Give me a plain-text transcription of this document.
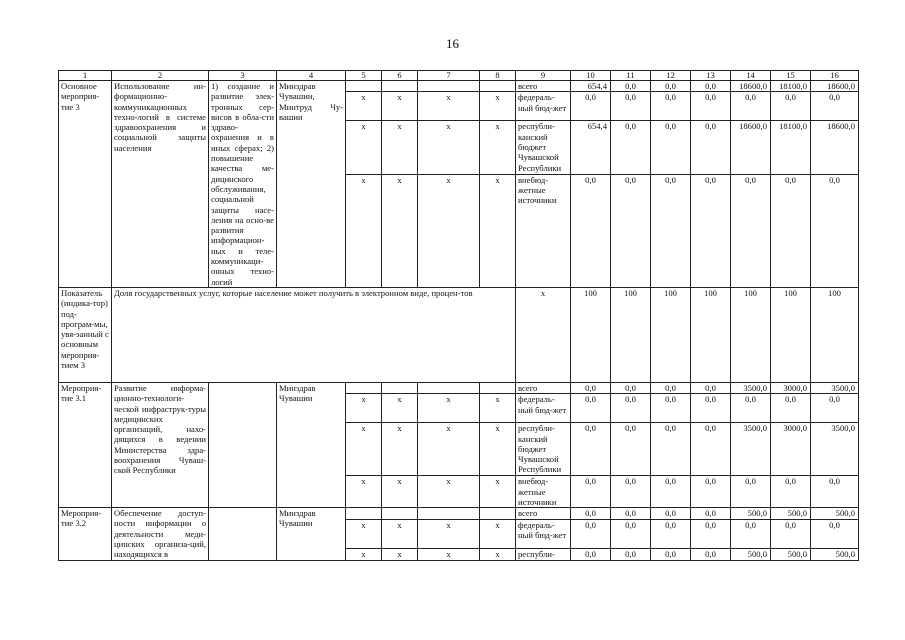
16
1	2	3	4	5	6	7	8	9	10	11	12	13	14	15	16
Основное мероприя-тие 3	Использование ин-формационно-коммуникационных техно-логий в системе здравоохранения и социальной защиты населения	1) создание и развитие элек-тронных сер-висов в обла-сти здраво-охранения и в иных сферах; 2) повышение качества ме-дицинского обслуживания, социальной защиты насе-ления на осно-ве развития информацион-ных и теле-коммуникаци-онных техно-логий	Минздрав Чувашии, Минтруд Чу-вашии					всего	654,4	0,0	0,0	0,0	18600,0	18100,0	18600,0
				х	х	х	х	федераль-ный бюд-жет	0,0	0,0	0,0	0,0	0,0	0,0	0,0
				х	х	х	х	республи-канский бюджет Чувашской Республики	654,4	0,0	0,0	0,0	18600,0	18100,0	18600,0
				х	х	х	х	внебюд-жетные источники	0,0	0,0	0,0	0,0	0,0	0,0	0,0
Показатель (индика-тор) под-програм-мы, увя-занный с основным мероприя-тием 3	Доля государственных услуг, которые население может получить в электронном виде, процен-тов							х	100	100	100	100	100	100	100
Мероприя-тие 3.1	Развитие информа-ционно-технологи-ческой инфраструк-туры медицинских организаций, нахо-дящихся в ведении Министерства здра-воохранения Чуваш-ской Республики		Минздрав Чувашии					всего	0,0	0,0	0,0	0,0	3500,0	3000,0	3500,0
				х	х	х	х	федераль-ный бюд-жет	0,0	0,0	0,0	0,0	0,0	0,0	0,0
				х	х	х	х	республи-канский бюджет Чувашской Республики	0,0	0,0	0,0	0,0	3500,0	3000,0	3500,0
				х	х	х	х	внебюд-жетные источники	0,0	0,0	0,0	0,0	0,0	0,0	0,0
Мероприя-тие 3.2	Обеспечение доступ-ности информации о деятельности меди-цинских организа-ций, находящихся в		Минздрав Чувашии					всего	0,0	0,0	0,0	0,0	500,0	500,0	500,0
				х	х	х	х	федераль-ный бюд-жет	0,0	0,0	0,0	0,0	0,0	0,0	0,0
				х	х	х	х	республи-	0,0	0,0	0,0	0,0	500,0	500,0	500,0
